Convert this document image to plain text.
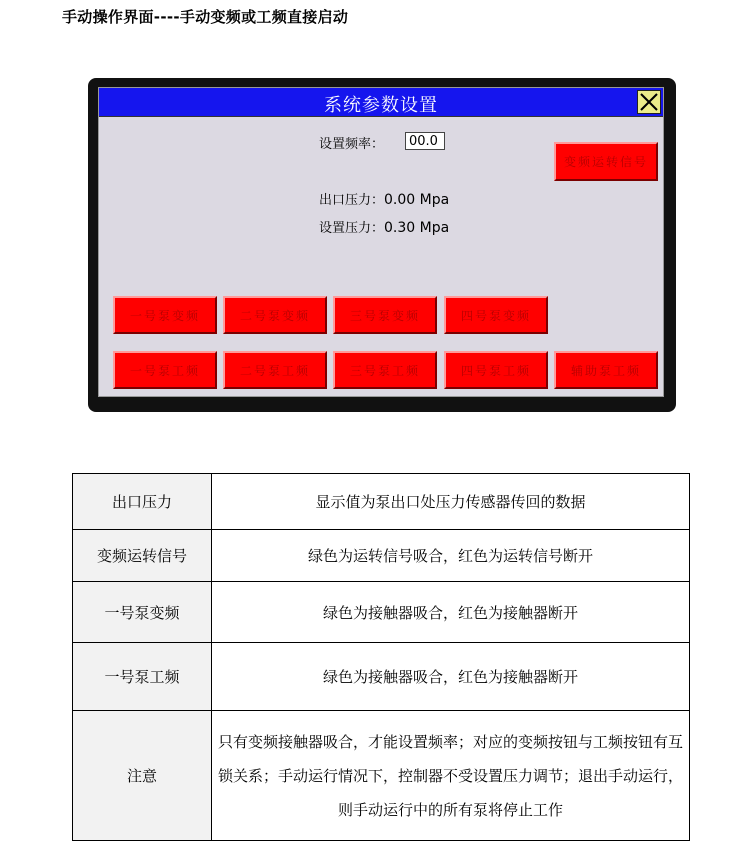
手动操作界面----手动变频或工频直接启动
系统参数设置
设置频率：	00.0
变频运转信号
出口压力：0.00 Mpa
设置压力：0.30 Mpa
一号泵变频	二号泵变频	三号泵变频	四号泵变频
一号泵工频	二号泵工频	三号泵工频	四号泵工频	辅助泵工频
出口压力	显示值为泵出口处压力传感器传回的数据
变频运转信号	绿色为运转信号吸合，红色为运转信号断开
一号泵变频	绿色为接触器吸合，红色为接触器断开
一号泵工频	绿色为接触器吸合，红色为接触器断开
注意	只有变频接触器吸合，才能设置频率；对应的变频按钮与工频按钮有互锁关系；手动运行情况下，控制器不受设置压力调节；退出手动运行，则手动运行中的所有泵将停止工作
